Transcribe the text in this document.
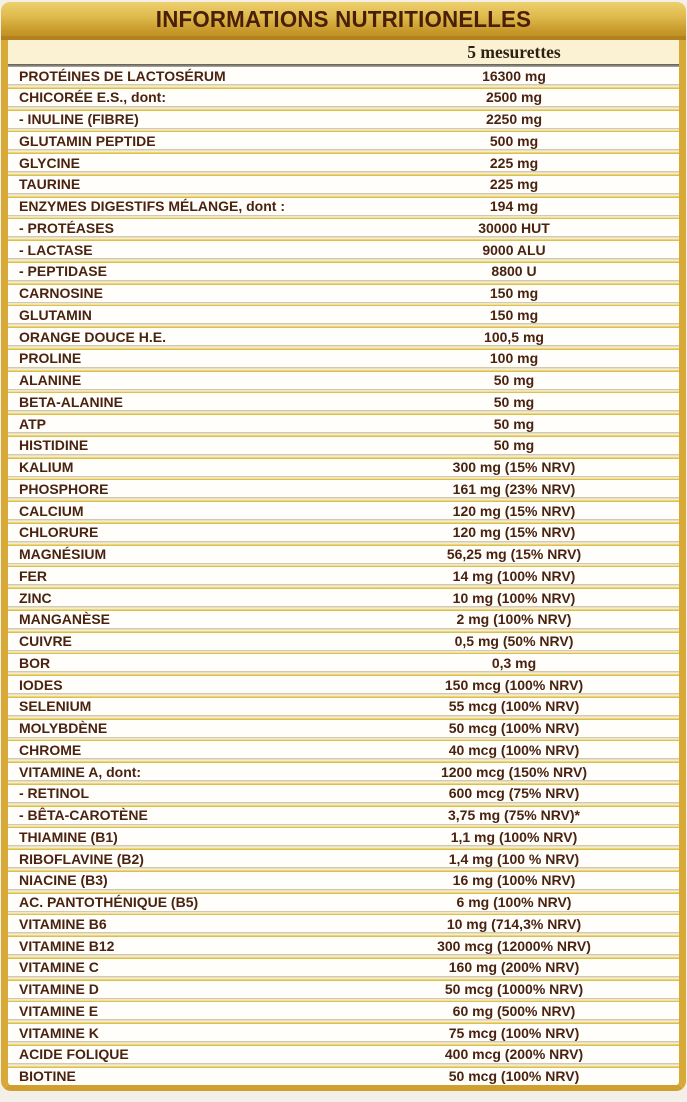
INFORMATIONS NUTRITIONELLES
5 mesurettes
PROTÉINES DE LACTOSÉRUM	16300 mg
CHICORÉE E.S., dont:	2500 mg
- INULINE (FIBRE)	2250 mg
GLUTAMIN PEPTIDE	500 mg
GLYCINE	225 mg
TAURINE	225 mg
ENZYMES DIGESTIFS MÉLANGE, dont :	194 mg
- PROTÉASES	30000 HUT
- LACTASE	9000 ALU
- PEPTIDASE	8800 U
CARNOSINE	150 mg
GLUTAMIN	150 mg
ORANGE DOUCE H.E.	100,5 mg
PROLINE	100 mg
ALANINE	50 mg
BETA-ALANINE	50 mg
ATP	50 mg
HISTIDINE	50 mg
KALIUM	300 mg (15% NRV)
PHOSPHORE	161 mg (23% NRV)
CALCIUM	120 mg (15% NRV)
CHLORURE	120 mg (15% NRV)
MAGNÉSIUM	56,25 mg (15% NRV)
FER	14 mg (100% NRV)
ZINC	10 mg (100% NRV)
MANGANÈSE	2 mg (100% NRV)
CUIVRE	0,5 mg (50% NRV)
BOR	0,3 mg
IODES	150 mcg (100% NRV)
SELENIUM	55 mcg (100% NRV)
MOLYBDÈNE	50 mcg (100% NRV)
CHROME	40 mcg (100% NRV)
VITAMINE A, dont:	1200 mcg (150% NRV)
- RETINOL	600 mcg (75% NRV)
- BÊTA-CAROTÈNE	3,75 mg (75% NRV)*
THIAMINE (B1)	1,1 mg (100% NRV)
RIBOFLAVINE (B2)	1,4 mg (100 % NRV)
NIACINE (B3)	16 mg (100% NRV)
AC. PANTOTHÉNIQUE (B5)	6 mg (100% NRV)
VITAMINE B6	10 mg (714,3% NRV)
VITAMINE B12	300 mcg (12000% NRV)
VITAMINE C	160 mg (200% NRV)
VITAMINE D	50 mcg (1000% NRV)
VITAMINE E	60 mg (500% NRV)
VITAMINE K	75 mcg (100% NRV)
ACIDE FOLIQUE	400 mcg (200% NRV)
BIOTINE	50 mcg (100% NRV)
